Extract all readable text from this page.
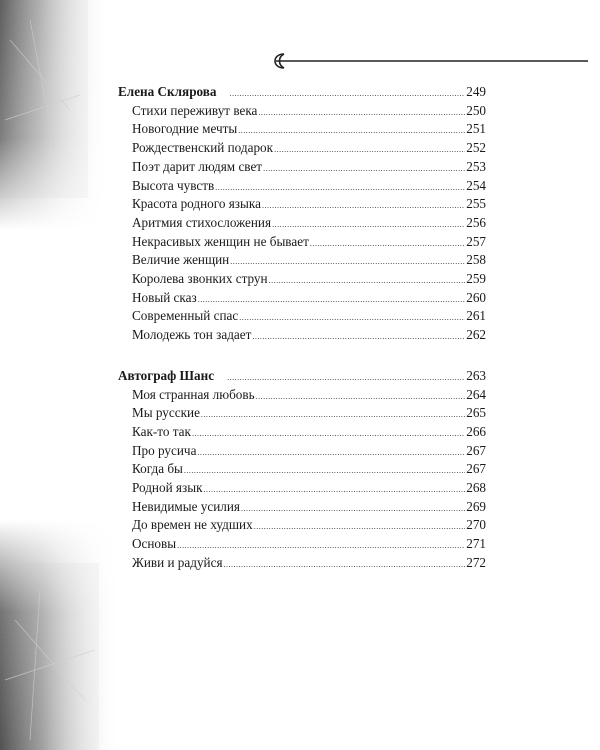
Елена Склярова .....	249
Стихи переживут века .....	250
Новогодние мечты .....	251
Рождественский подарок .....	252
Поэт дарит людям свет .....	253
Высота чувств .....	254
Красота родного языка .....	255
Аритмия стихосложения .....	256
Некрасивых женщин не бывает .....	257
Величие женщин .....	258
Королева звонких струн .....	259
Новый сказ .....	260
Современный спас .....	261
Молодежь тон задает .....	262
Автограф Шанс .....	263
Моя странная любовь .....	264
Мы русские .....	265
Как-то так .....	266
Про русича .....	267
Когда бы .....	267
Родной язык .....	268
Невидимые усилия .....	269
До времен не худших .....	270
Основы .....	271
Живи и радуйся .....	272
